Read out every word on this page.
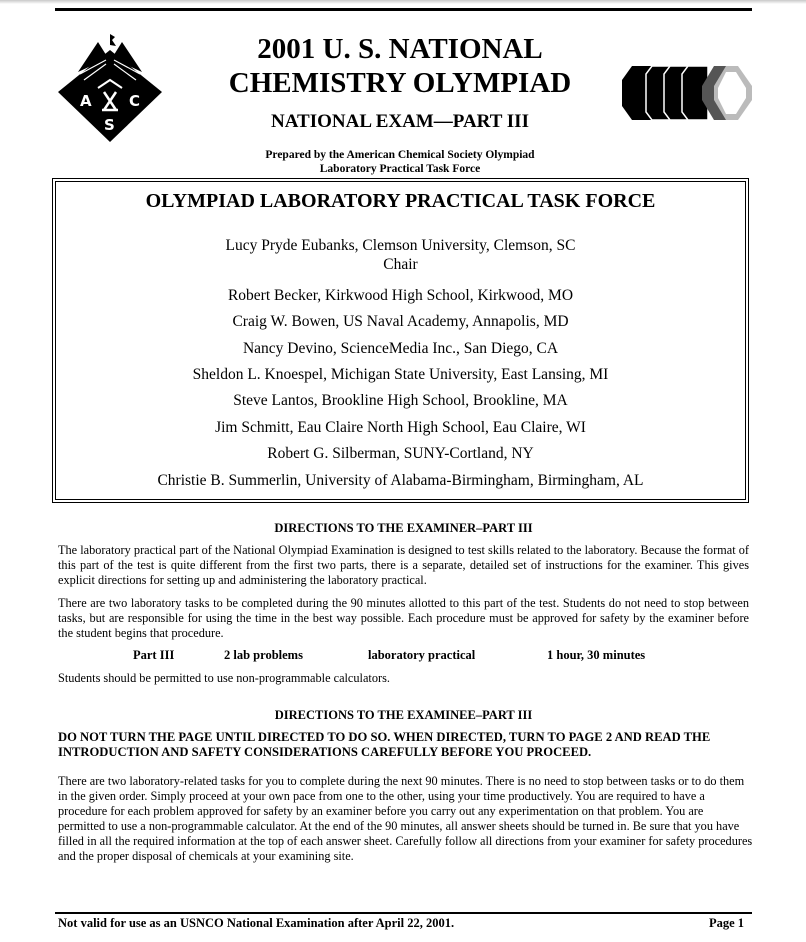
A C
S
2001 U. S. NATIONAL
CHEMISTRY OLYMPIAD
NATIONAL EXAM—PART III
Prepared by the American Chemical Society Olympiad
Laboratory Practical Task Force
OLYMPIAD LABORATORY PRACTICAL TASK FORCE
Lucy Pryde Eubanks, Clemson University, Clemson, SC
Chair
Robert Becker, Kirkwood High School, Kirkwood, MO
Craig W. Bowen, US Naval Academy, Annapolis, MD
Nancy Devino, ScienceMedia Inc., San Diego, CA
Sheldon L. Knoespel, Michigan State University, East Lansing, MI
Steve Lantos, Brookline High School, Brookline, MA
Jim Schmitt, Eau Claire North High School, Eau Claire, WI
Robert G. Silberman, SUNY-Cortland, NY
Christie B. Summerlin, University of Alabama-Birmingham, Birmingham, AL
DIRECTIONS TO THE EXAMINER–PART III
The laboratory practical part of the National Olympiad Examination is designed to test skills related to the laboratory. Because the format of this part of the test is quite different from the first two parts, there is a separate, detailed set of instructions for the examiner. This gives explicit directions for setting up and administering the laboratory practical.
There are two laboratory tasks to be completed during the 90 minutes allotted to this part of the test. Students do not need to stop between tasks, but are responsible for using the time in the best way possible. Each procedure must be approved for safety by the examiner before the student begins that procedure.
Part III	2 lab problems	laboratory practical	1 hour, 30 minutes
Students should be permitted to use non-programmable calculators.
DIRECTIONS TO THE EXAMINEE–PART III
DO NOT TURN THE PAGE UNTIL DIRECTED TO DO SO. WHEN DIRECTED, TURN TO PAGE 2 AND READ THE INTRODUCTION AND SAFETY CONSIDERATIONS CAREFULLY BEFORE YOU PROCEED.
There are two laboratory-related tasks for you to complete during the next 90 minutes. There is no need to stop between tasks or to do them in the given order. Simply proceed at your own pace from one to the other, using your time productively. You are required to have a procedure for each problem approved for safety by an examiner before you carry out any experimentation on that problem. You are permitted to use a non-programmable calculator. At the end of the 90 minutes, all answer sheets should be turned in. Be sure that you have filled in all the required information at the top of each answer sheet. Carefully follow all directions from your examiner for safety procedures and the proper disposal of chemicals at your examining site.
Not valid for use as an USNCO National Examination after April 22, 2001.	Page 1
